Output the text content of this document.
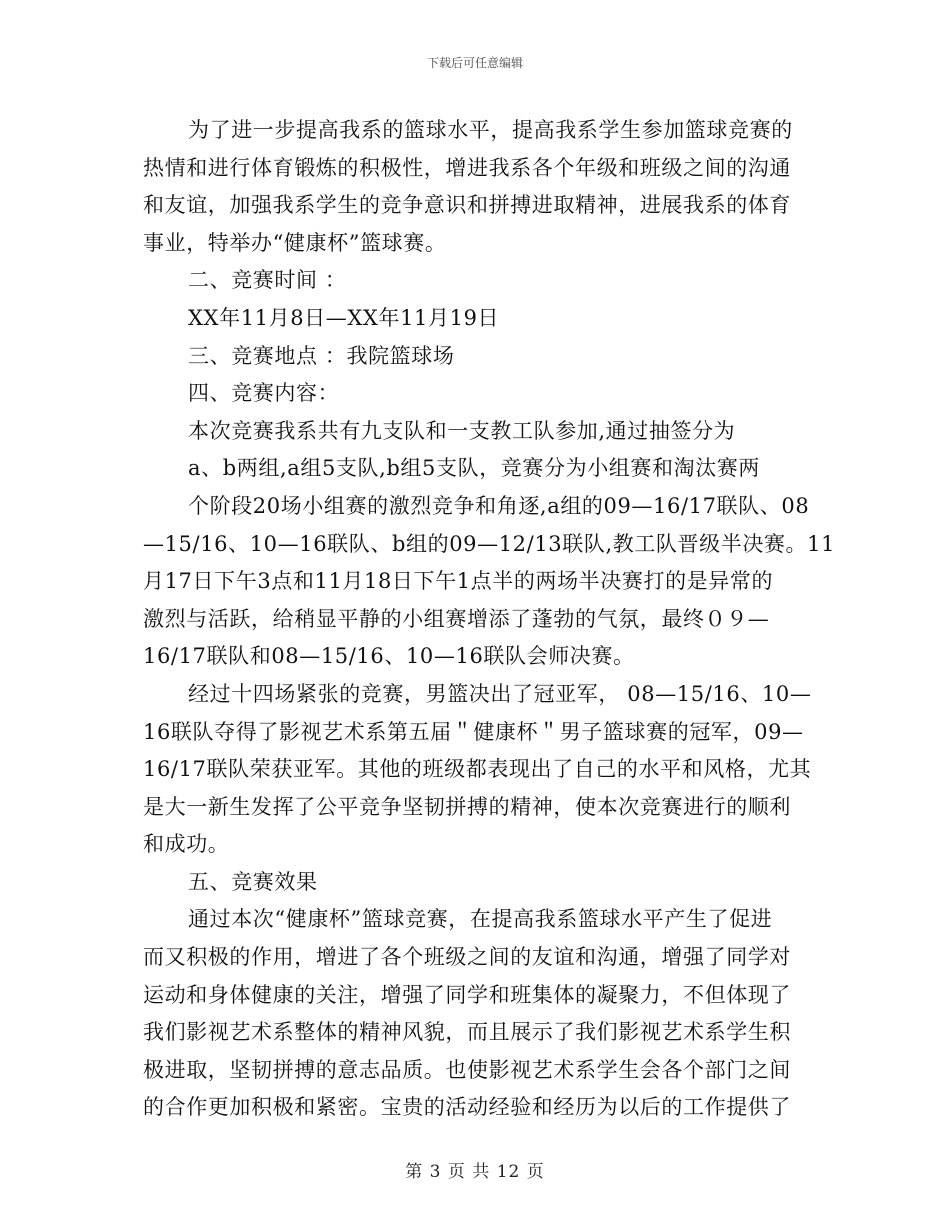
下载后可任意编辑
为了进一步提高我系的篮球水平，提高我系学生参加篮球竞赛的
热情和进行体育锻炼的积极性，增进我系各个年级和班级之间的沟通
和友谊，加强我系学生的竞争意识和拼搏进取精神，进展我系的体育
事业，特举办“健康杯”篮球赛。
二、竞赛时间 ：
XX年11月8日—XX年11月19日
三、竞赛地点 ：我院篮球场
四、竞赛内容：
本次竞赛我系共有九支队和一支教工队参加,通过抽签分为
a、b两组,a组5支队,b组5支队，竞赛分为小组赛和淘汰赛两
个阶段20场小组赛的激烈竞争和角逐,a组的09—16/17联队、08
—15/16、10—16联队、b组的09—12/13联队,教工队晋级半决赛。11
月17日下午3点和11月18日下午1点半的两场半决赛打的是异常的
激烈与活跃，给稍显平静的小组赛增添了蓬勃的气氛，最终０９—
16/17联队和08—15/16、10—16联队会师决赛。
经过十四场紧张的竞赛，男篮决出了冠亚军， 08—15/16、10—
16联队夺得了影视艺术系第五届＂健康杯＂男子篮球赛的冠军，09—
16/17联队荣获亚军。其他的班级都表现出了自己的水平和风格，尤其
是大一新生发挥了公平竞争坚韧拼搏的精神，使本次竞赛进行的顺利
和成功。
五、竞赛效果
通过本次“健康杯”篮球竞赛，在提高我系篮球水平产生了促进
而又积极的作用，增进了各个班级之间的友谊和沟通，增强了同学对
运动和身体健康的关注，增强了同学和班集体的凝聚力，不但体现了
我们影视艺术系整体的精神风貌，而且展示了我们影视艺术系学生积
极进取，坚韧拼搏的意志品质。也使影视艺术系学生会各个部门之间
的合作更加积极和紧密。宝贵的活动经验和经历为以后的工作提供了
第 3 页 共 12 页
